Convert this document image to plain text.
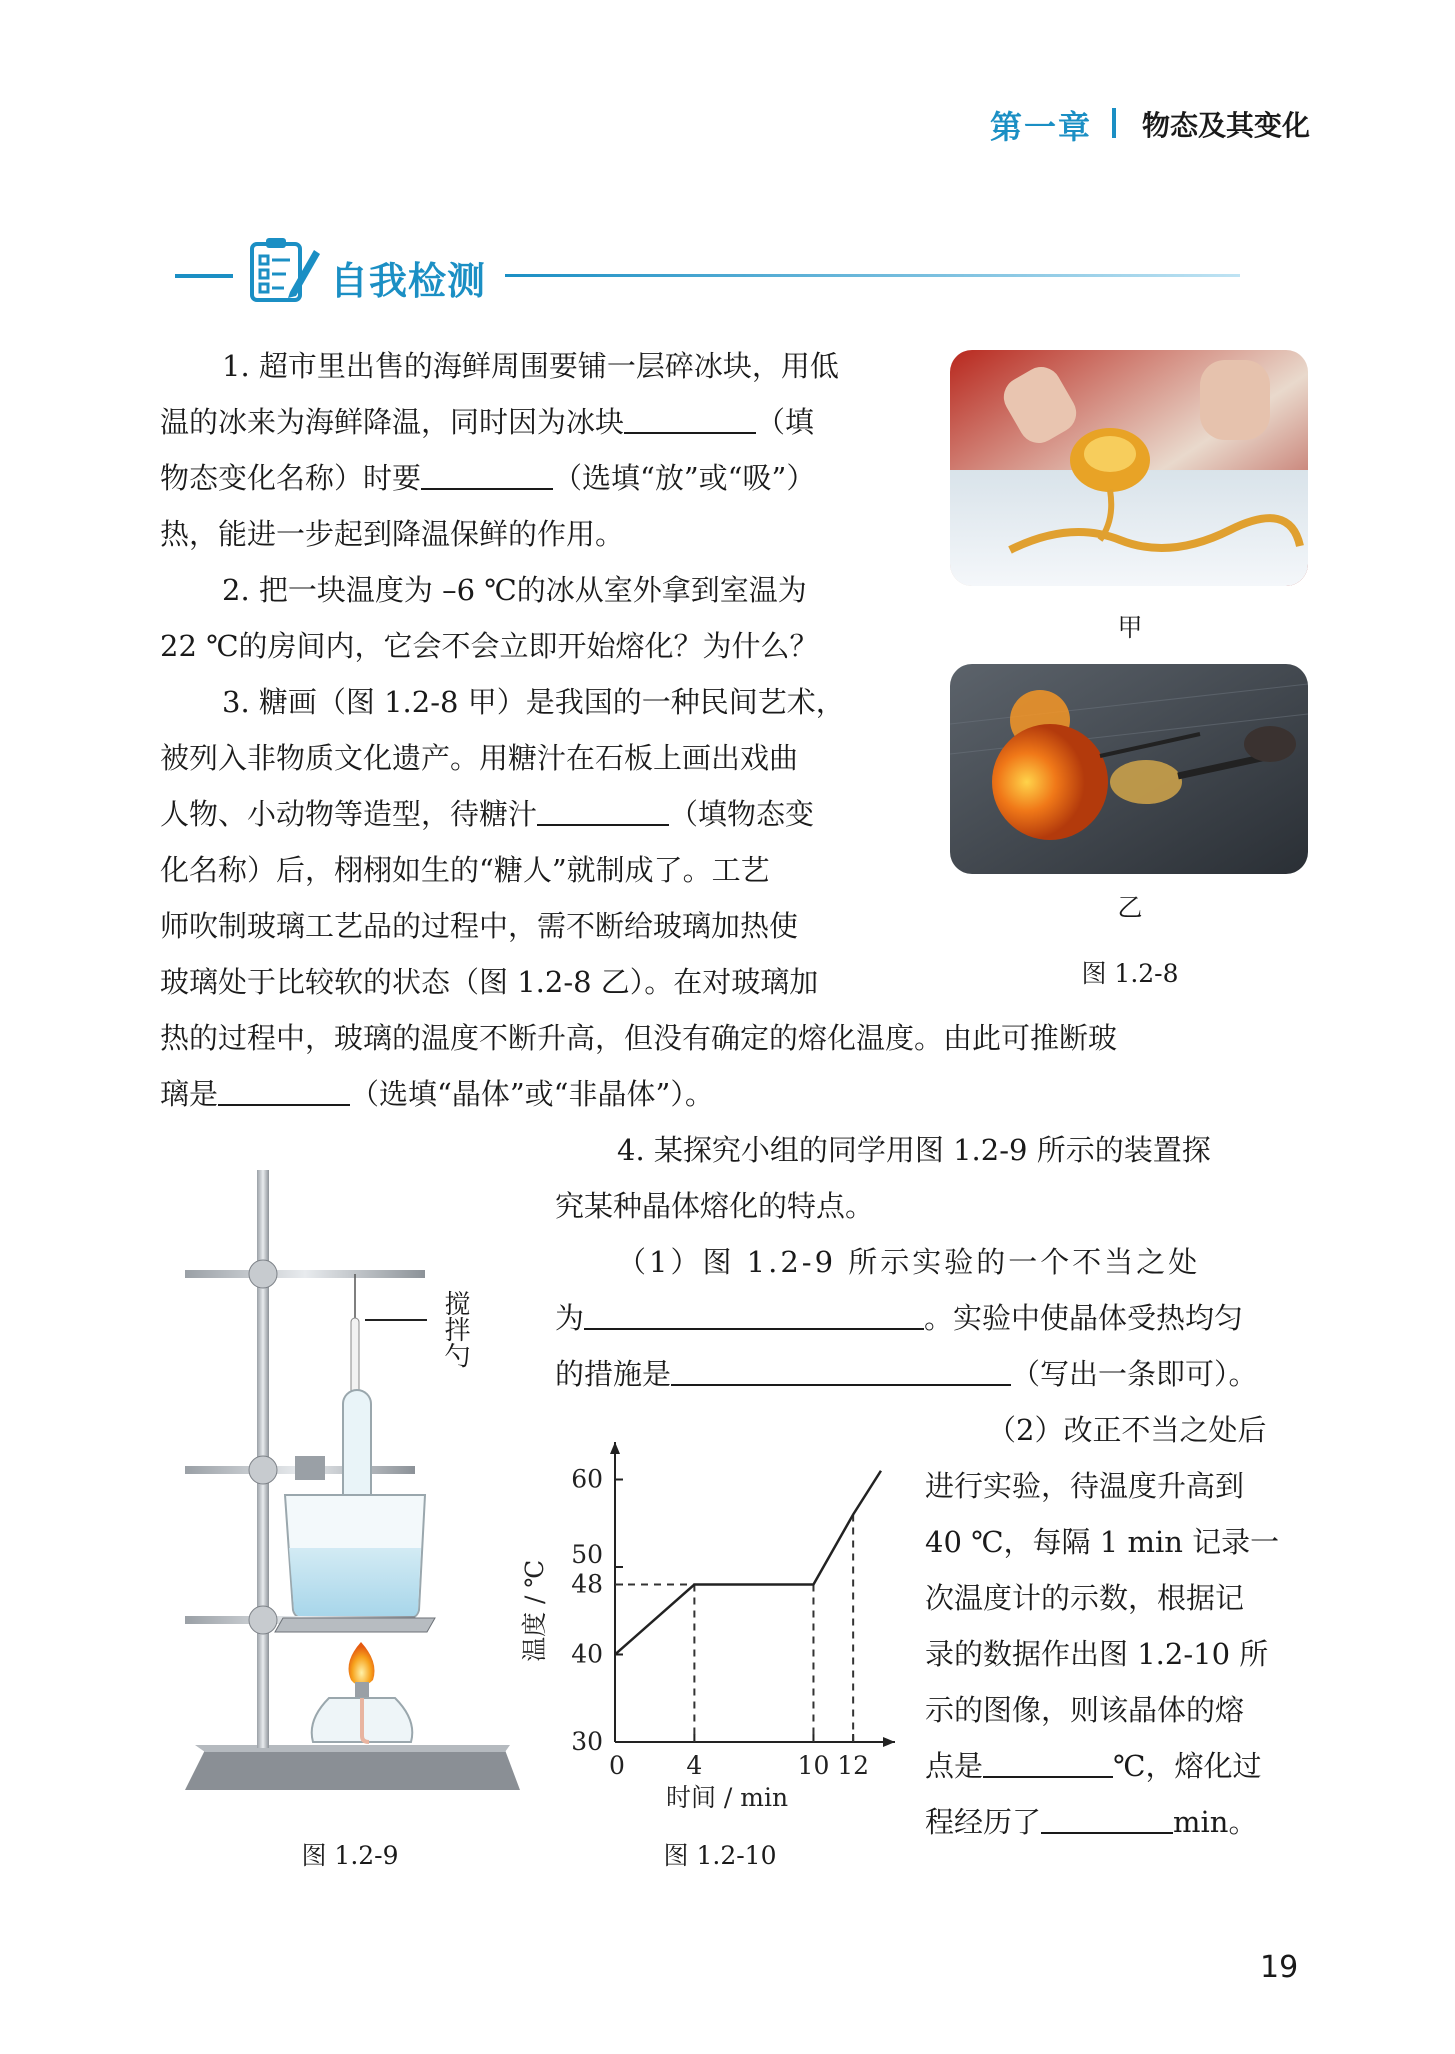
第一章 物态及其变化
自我检测
1. 超市里出售的海鲜周围要铺一层碎冰块，用低
温的冰来为海鲜降温，同时因为冰块	（填
物态变化名称）时要	（选填“放”或“吸”）
热，能进一步起到降温保鲜的作用。
2. 把一块温度为 –6 ℃的冰从室外拿到室温为
22 ℃的房间内，它会不会立即开始熔化？为什么？
3. 糖画（图 1.2-8 甲）是我国的一种民间艺术，
被列入非物质文化遗产。用糖汁在石板上画出戏曲
人物、小动物等造型，待糖汁	（填物态变
化名称）后，栩栩如生的“糖人”就制成了。工艺
师吹制玻璃工艺品的过程中，需不断给玻璃加热使
玻璃处于比较软的状态（图 1.2-8 乙）。在对玻璃加
热的过程中，玻璃的温度不断升高，但没有确定的熔化温度。由此可推断玻
璃是	（选填“晶体”或“非晶体”）。
甲
乙
图 1.2-8
4. 某探究小组的同学用图 1.2-9 所示的装置探
究某种晶体熔化的特点。
（1）图 1.2-9 所示实验的一个不当之处
为	。实验中使晶体受热均匀
的措施是	（写出一条即可）。
（2）改正不当之处后
进行实验，待温度升高到
40 ℃，每隔 1 min 记录一
次温度计的示数，根据记
录的数据作出图 1.2-10 所
示的图像，则该晶体的熔
点是	℃，熔化过
程经历了	min。
搅拌勺
图 1.2-9
30
40
48
50
60
0 4	10 12
时间 / min
温度 / ℃
图 1.2-10
19
